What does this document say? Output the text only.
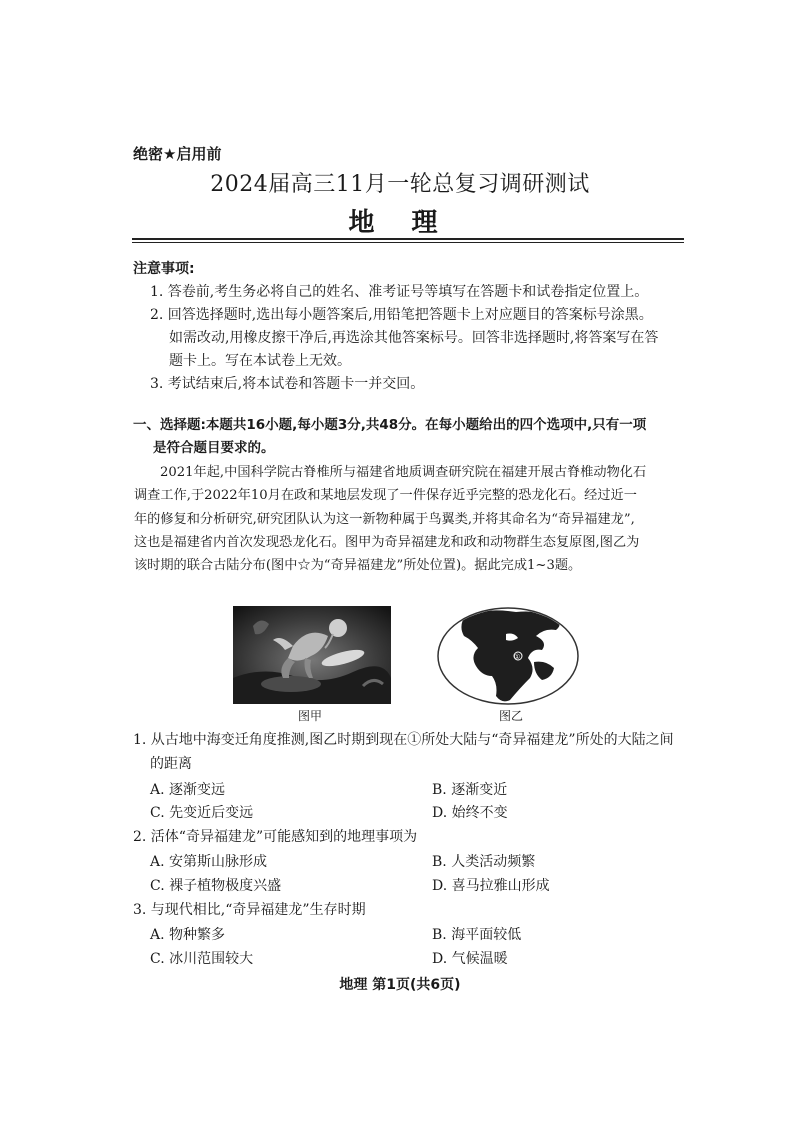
绝密★启用前
2024届高三11月一轮总复习调研测试
地 理
注意事项:
1. 答卷前,考生务必将自己的姓名、准考证号等填写在答题卡和试卷指定位置上。
2. 回答选择题时,选出每小题答案后,用铅笔把答题卡上对应题目的答案标号涂黑。
如需改动,用橡皮擦干净后,再选涂其他答案标号。回答非选择题时,将答案写在答
题卡上。写在本试卷上无效。
3. 考试结束后,将本试卷和答题卡一并交回。
一、选择题:本题共16小题,每小题3分,共48分。在每小题给出的四个选项中,只有一项
是符合题目要求的。
2021年起,中国科学院古脊椎所与福建省地质调查研究院在福建开展古脊椎动物化石
调查工作,于2022年10月在政和某地层发现了一件保存近乎完整的恐龙化石。经过近一
年的修复和分析研究,研究团队认为这一新物种属于鸟翼类,并将其命名为“奇异福建龙”,
这也是福建省内首次发现恐龙化石。图甲为奇异福建龙和政和动物群生态复原图,图乙为
该时期的联合古陆分布(图中☆为“奇异福建龙”所处位置)。据此完成1~3题。
图甲
①
图乙
1. 从古地中海变迁角度推测,图乙时期到现在①所处大陆与“奇异福建龙”所处的大陆之间
的距离
A. 逐渐变远	B. 逐渐变近
C. 先变近后变远	D. 始终不变
2. 活体“奇异福建龙”可能感知到的地理事项为
A. 安第斯山脉形成	B. 人类活动频繁
C. 裸子植物极度兴盛	D. 喜马拉雅山形成
3. 与现代相比,“奇异福建龙”生存时期
A. 物种繁多	B. 海平面较低
C. 冰川范围较大	D. 气候温暖
地理 第1页(共6页)
